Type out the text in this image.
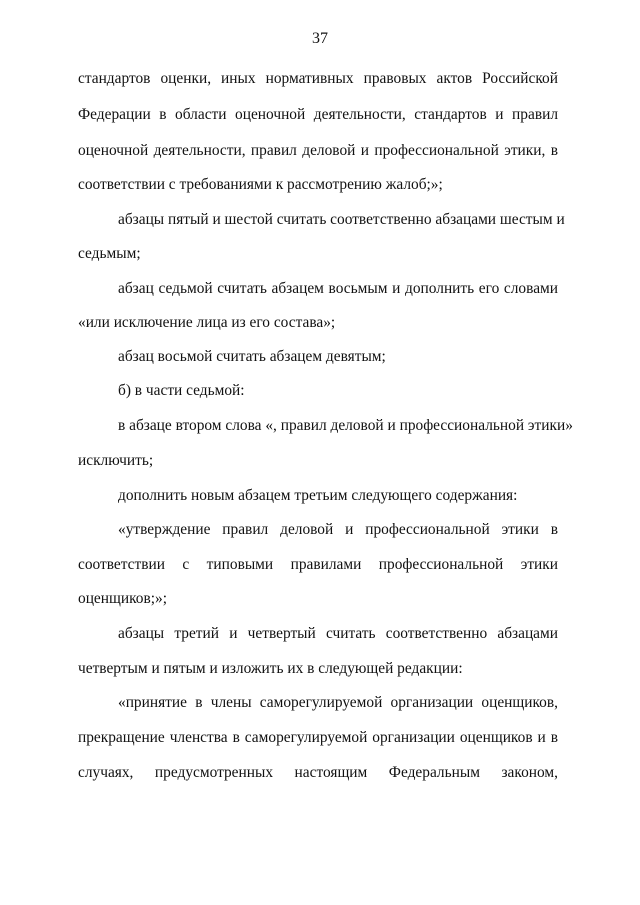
37
стандартов оценки, иных нормативных правовых актов Российской
Федерации в области оценочной деятельности, стандартов и правил
оценочной деятельности, правил деловой и профессиональной этики, в
соответствии с требованиями к рассмотрению жалоб;»;
абзацы пятый и шестой считать соответственно абзацами шестым и
седьмым;
абзац седьмой считать абзацем восьмым и дополнить его словами
«или исключение лица из его состава»;
абзац восьмой считать абзацем девятым;
б) в части седьмой:
в абзаце втором слова «, правил деловой и профессиональной этики»
исключить;
дополнить новым абзацем третьим следующего содержания:
«утверждение правил деловой и профессиональной этики в
соответствии с типовыми правилами профессиональной этики
оценщиков;»;
абзацы третий и четвертый считать соответственно абзацами
четвертым и пятым и изложить их в следующей редакции:
«принятие в члены саморегулируемой организации оценщиков,
прекращение членства в саморегулируемой организации оценщиков и в
случаях, предусмотренных настоящим Федеральным законом,
